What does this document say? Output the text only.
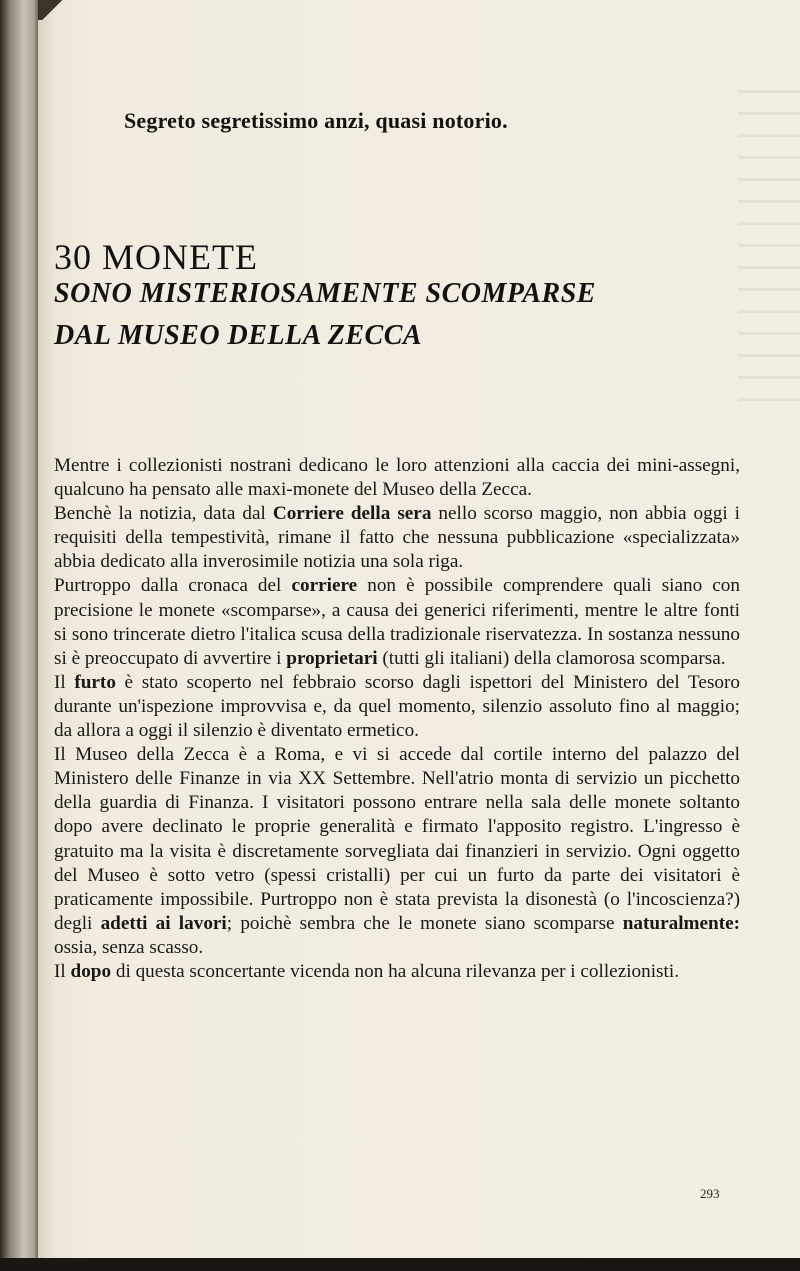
Segreto segretissimo anzi, quasi notorio.
30 MONETE
SONO MISTERIOSAMENTE SCOMPARSE
DAL MUSEO DELLA ZECCA

Mentre i collezionisti nostrani dedicano le loro attenzioni alla caccia dei mini-assegni, qualcuno ha pensato alle maxi-monete del Museo della Zecca.

Benchè la notizia, data dal Corriere della sera nello scorso maggio, non abbia oggi i requisiti della tempestività, rimane il fatto che nessuna pubblicazione «specializzata» abbia dedicato alla inverosimile notizia una sola riga.

Purtroppo dalla cronaca del corriere non è possibile comprendere quali siano con precisione le monete «scomparse», a causa dei generici riferimenti, mentre le altre fonti si sono trincerate dietro l'italica scusa della tradizionale riservatezza. In sostanza nessuno si è preoccupato di avvertire i proprietari (tutti gli italiani) della clamorosa scomparsa.

Il furto è stato scoperto nel febbraio scorso dagli ispettori del Ministero del Tesoro durante un'ispezione improvvisa e, da quel momento, silenzio assoluto fino al maggio; da allora a oggi il silenzio è diventato ermetico.

Il Museo della Zecca è a Roma, e vi si accede dal cortile interno del palazzo del Ministero delle Finanze in via XX Settembre. Nell'atrio monta di servizio un picchetto della guardia di Finanza. I visitatori possono entrare nella sala delle monete soltanto dopo avere declinato le proprie generalità e firmato l'apposito registro. L'ingresso è gratuito ma la visita è discretamente sorvegliata dai finanzieri in servizio. Ogni oggetto del Museo è sotto vetro (spessi cristalli) per cui un furto da parte dei visitatori è praticamente impossibile. Purtroppo non è stata prevista la disonestà (o l'incoscienza?) degli adetti ai lavori; poichè sembra che le monete siano scomparse naturalmente: ossia, senza scasso.

Il dopo di questa sconcertante vicenda non ha alcuna rilevanza per i collezionisti.

293
